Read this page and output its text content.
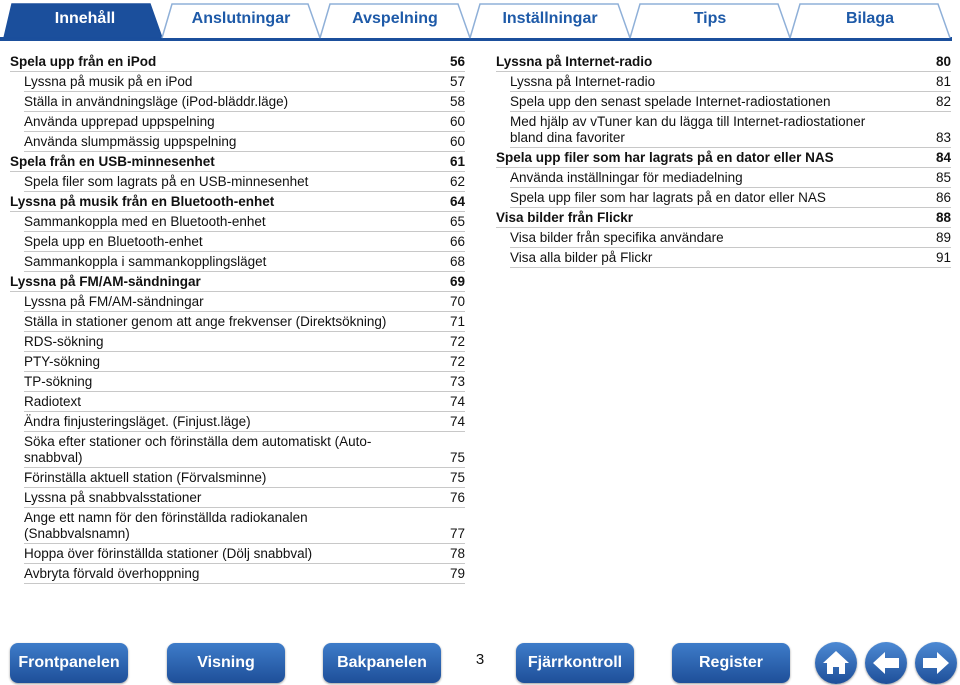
Innehåll	Anslutningar	Avspelning	Inställningar	Tips	Bilaga
Spela upp från en iPod	56
Lyssna på musik på en iPod	57
Ställa in användningsläge (iPod-bläddr.läge)	58
Använda upprepad uppspelning	60
Använda slumpmässig uppspelning	60
Spela från en USB-minnesenhet	61
Spela filer som lagrats på en USB-minnesenhet	62
Lyssna på musik från en Bluetooth-enhet	64
Sammankoppla med en Bluetooth-enhet	65
Spela upp en Bluetooth-enhet	66
Sammankoppla i sammankopplingsläget	68
Lyssna på FM/AM-sändningar	69
Lyssna på FM/AM-sändningar	70
Ställa in stationer genom att ange frekvenser (Direktsökning)	71
RDS-sökning	72
PTY-sökning	72
TP-sökning	73
Radiotext	74
Ändra finjusteringsläget. (Finjust.läge)	74
Söka efter stationer och förinställa dem automatiskt (Auto-snabbval)	75
Förinställa aktuell station (Förvalsminne)	75
Lyssna på snabbvalsstationer	76
Ange ett namn för den förinställda radiokanalen (Snabbvalsnamn)	77
Hoppa över förinställda stationer (Dölj snabbval)	78
Avbryta förvald överhoppning	79
Lyssna på Internet-radio	80
Lyssna på Internet-radio	81
Spela upp den senast spelade Internet-radiostationen	82
Med hjälp av vTuner kan du lägga till Internet-radiostationer bland dina favoriter	83
Spela upp filer som har lagrats på en dator eller NAS	84
Använda inställningar för mediadelning	85
Spela upp filer som har lagrats på en dator eller NAS	86
Visa bilder från Flickr	88
Visa bilder från specifika användare	89
Visa alla bilder på Flickr	91
Frontpanelen	Visning	Bakpanelen	3	Fjärrkontroll	Register
